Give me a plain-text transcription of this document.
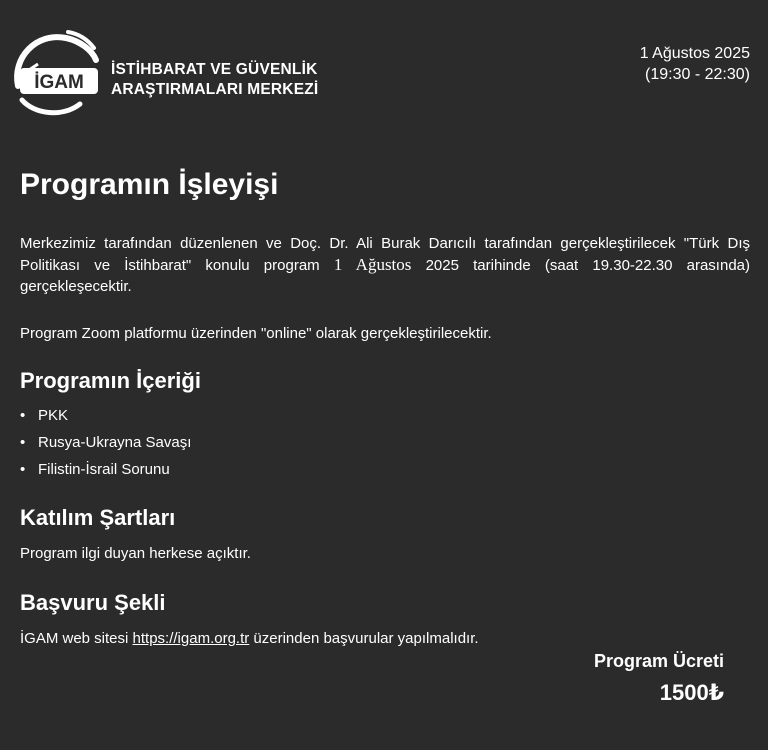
İGAM
İSTİHBARAT VE GÜVENLİK
ARAŞTIRMALARI MERKEZİ
1 Ağustos 2025
(19:30 - 22:30)
Programın İşleyişi

Merkezimiz tarafından düzenlenen ve Doç. Dr. Ali Burak Darıcılı tarafından gerçekleştirilecek "Türk Dış Politikası ve İstihbarat" konulu program 1 Ağustos 2025 tarihinde (saat 19.30-22.30 arasında) gerçekleşecektir.

Program Zoom platformu üzerinden "online" olarak gerçekleştirilecektir.

Programın İçeriği
• PKK
• Rusya-Ukrayna Savaşı
• Filistin-İsrail Sorunu
Katılım Şartları

Program ilgi duyan herkese açıktır.

Başvuru Şekli

İGAM web sitesi https://igam.org.tr üzerinden başvurular yapılmalıdır.

Program Ücreti
1500₺
